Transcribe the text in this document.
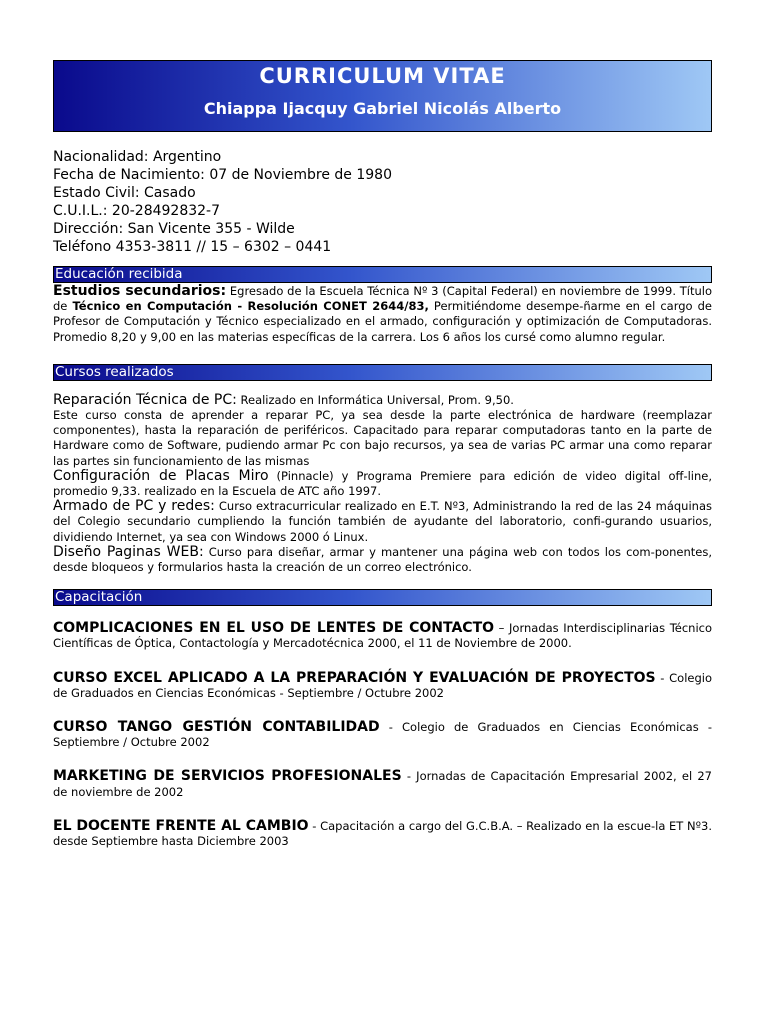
CURRICULUM VITAE
Chiappa Ijacquy Gabriel Nicolás Alberto
Nacionalidad: Argentino
Fecha de Nacimiento: 07 de Noviembre de 1980
Estado Civil: Casado
C.U.I.L.: 20-28492832-7
Dirección: San Vicente 355 - Wilde
Teléfono 4353-3811 // 15 – 6302 – 0441
Educación recibida
Estudios secundarios: Egresado de la Escuela Técnica Nº 3 (Capital Federal) en noviembre de 1999. Título de Técnico en Computación - Resolución CONET 2644/83, Permitiéndome desempe-ñarme en el cargo de Profesor de Computación y Técnico especializado en el armado, configuración y optimización de Computadoras. Promedio 8,20 y 9,00 en las materias específicas de la carrera. Los 6 años los cursé como alumno regular.
Cursos realizados
Reparación Técnica de PC: Realizado en Informática Universal, Prom. 9,50.
Este curso consta de aprender a reparar PC, ya sea desde la parte electrónica de hardware (reemplazar componentes), hasta la reparación de periféricos. Capacitado para reparar computadoras tanto en la parte de Hardware como de Software, pudiendo armar Pc con bajo recursos, ya sea de varias PC armar una como reparar las partes sin funcionamiento de las mismas
Configuración de Placas Miro (Pinnacle) y Programa Premiere para edición de video digital off-line, promedio 9,33. realizado en la Escuela de ATC año 1997.
Armado de PC y redes: Curso extracurricular realizado en E.T. Nº3, Administrando la red de las 24 máquinas del Colegio secundario cumpliendo la función también de ayudante del laboratorio, confi-gurando usuarios, dividiendo Internet, ya sea con Windows 2000 ó Linux.
Diseño Paginas WEB: Curso para diseñar, armar y mantener una página web con todos los com-ponentes, desde bloqueos y formularios hasta la creación de un correo electrónico.
Capacitación
COMPLICACIONES EN EL USO DE LENTES DE CONTACTO – Jornadas Interdisciplinarias Técnico Científicas de Óptica, Contactología y Mercadotécnica 2000, el 11 de Noviembre de 2000.
CURSO EXCEL APLICADO A LA PREPARACIÓN Y EVALUACIÓN DE PROYECTOS - Colegio de Graduados en Ciencias Económicas - Septiembre / Octubre 2002
CURSO TANGO GESTIÓN CONTABILIDAD - Colegio de Graduados en Ciencias Económicas - Septiembre / Octubre 2002
MARKETING DE SERVICIOS PROFESIONALES - Jornadas de Capacitación Empresarial 2002, el 27 de noviembre de 2002
EL DOCENTE FRENTE AL CAMBIO - Capacitación a cargo del G.C.B.A. – Realizado en la escue-la ET Nº3. desde Septiembre hasta Diciembre 2003
